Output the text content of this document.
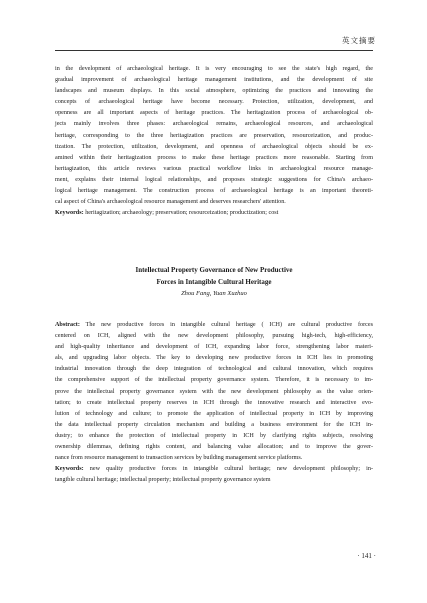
英文摘要

in the development of archaeological heritage. It is very encouraging to see the state's high regard, the
gradual improvement of archaeological heritage management institutions, and the development of site
landscapes and museum displays. In this social atmosphere, optimizing the practices and innovating the
concepts of archaeological heritage have become necessary. Protection, utilization, development, and
openness are all important aspects of heritage practices. The heritagization process of archaeological ob-
jects mainly involves three phases: archaeological remains, archaeological resources, and archaeological
heritage, corresponding to the three heritagization practices are preservation, resourceization, and produc-
tization. The protection, utilization, development, and openness of archaeological objects should be ex-
amined within their heritagization process to make these heritage practices more reasonable. Starting from
heritagization, this article reviews various practical workflow links in archaeological resource manage-
ment, explains their internal logical relationships, and proposes strategic suggestions for China's archaeo-
logical heritage management. The construction process of archaeological heritage is an important theoreti-
cal aspect of China's archaeological resource management and deserves researchers' attention.

Keywords: heritagization; archaeology; preservation; resourceization; productization; cost

Intellectual Property Governance of New Productive

Forces in Intangible Cultural Heritage

Zhou Fang, Yuan Xuzhuo

Abstract: The new productive forces in intangible cultural heritage ( ICH) are cultural productive forces
centered on ICH, aligned with the new development philosophy, pursuing high-tech, high-efficiency,
and high-quality inheritance and development of ICH, expanding labor force, strengthening labor materi-
als, and upgrading labor objects. The key to developing new productive forces in ICH lies in promoting
industrial innovation through the deep integration of technological and cultural innovation, which requires
the comprehensive support of the intellectual property governance system. Therefore, it is necessary to im-
prove the intellectual property governance system with the new development philosophy as the value orien-
tation; to create intellectual property reserves in ICH through the innovative research and interactive evo-
lution of technology and culture; to promote the application of intellectual property in ICH by improving
the data intellectual property circulation mechanism and building a business environment for the ICH in-
dustry; to enhance the protection of intellectual property in ICH by clarifying rights subjects, resolving
ownership dilemmas, defining rights content, and balancing value allocation; and to improve the gover-
nance from resource management to transaction services by building management service platforms.

Keywords: new quality productive forces in intangible cultural heritage; new development philosophy; in-
tangible cultural heritage; intellectual property; intellectual property governance system

· 141 ·
